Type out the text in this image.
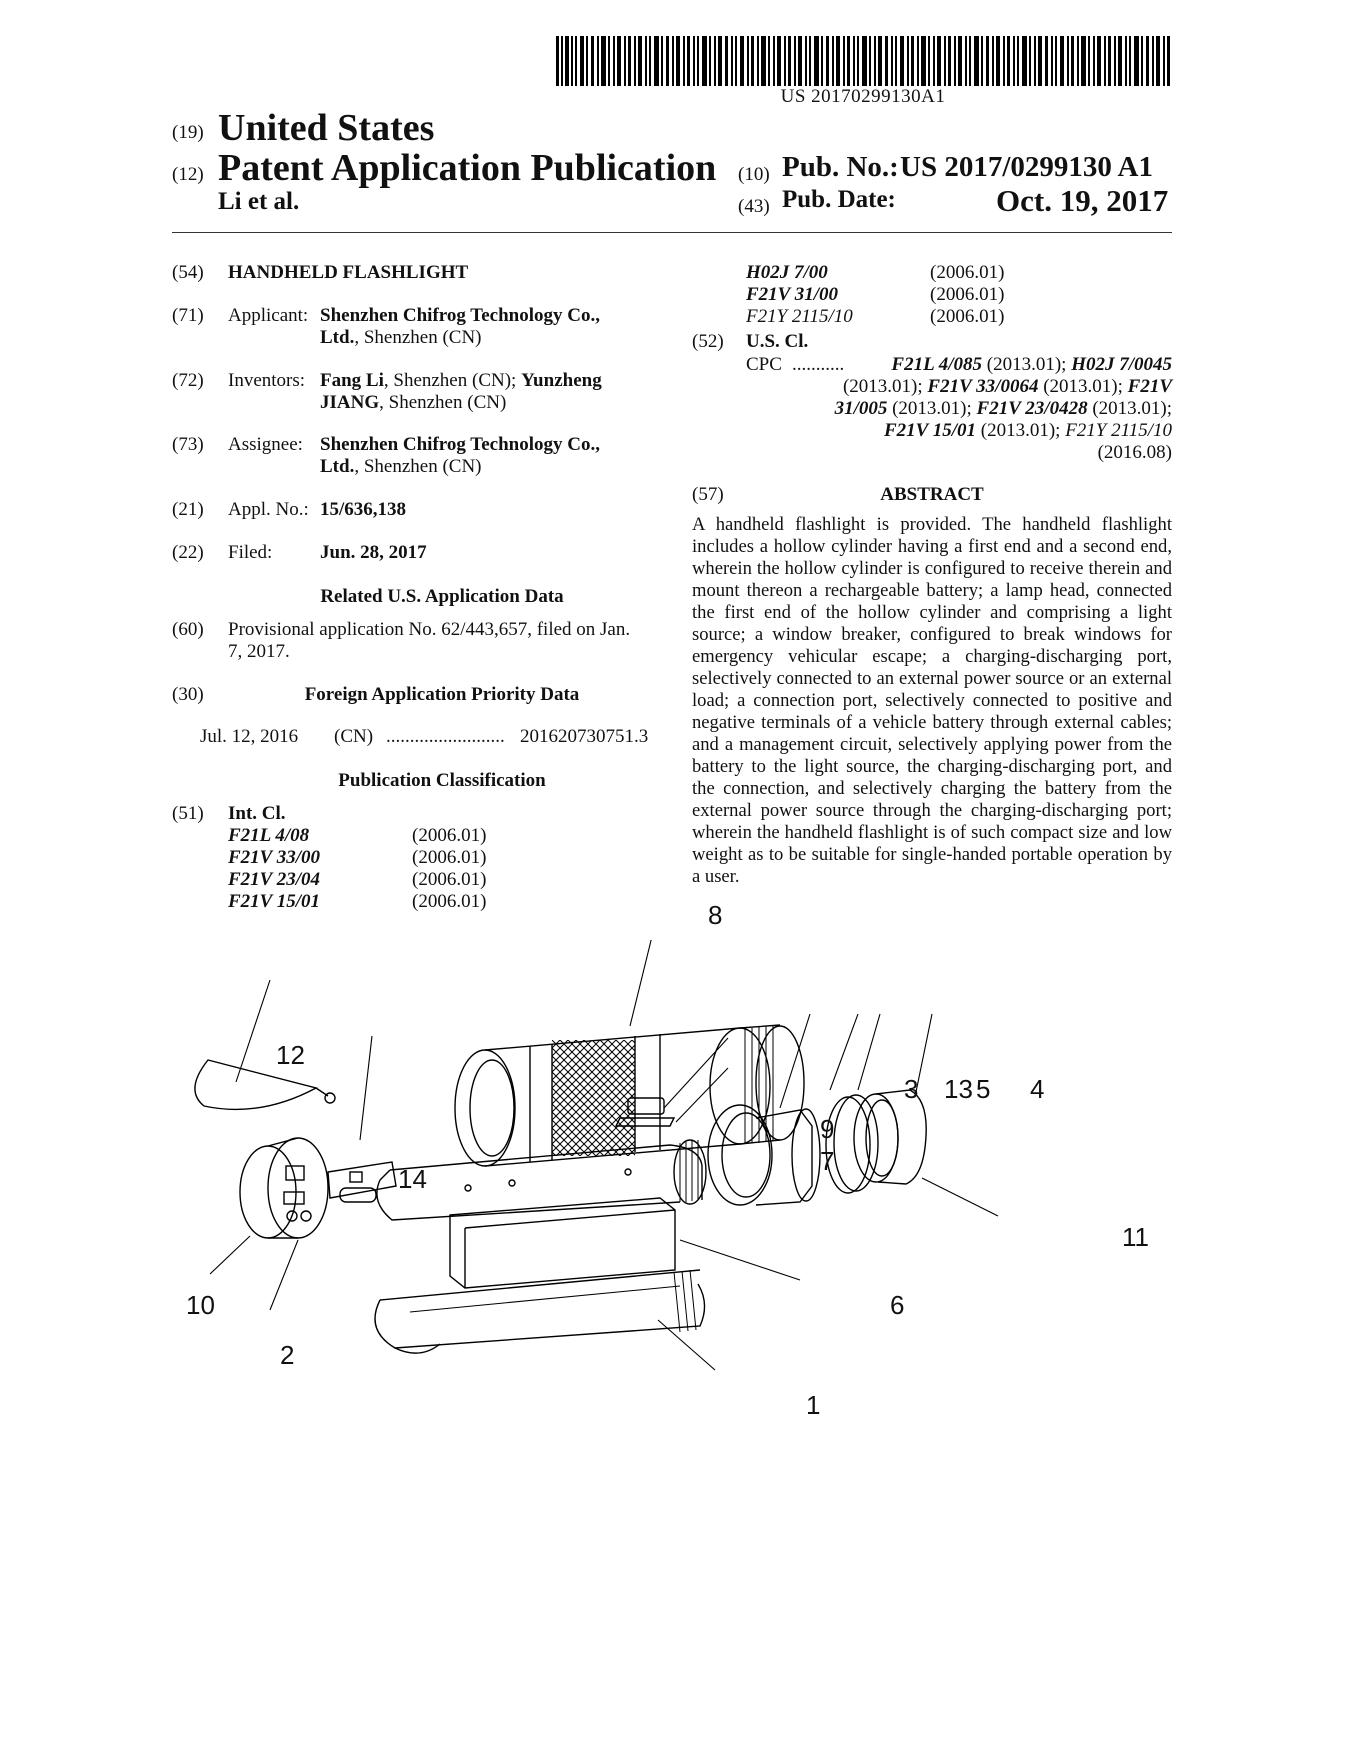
US 20170299130A1
(19) United States
(12) Patent Application Publication
Li et al.
(10) Pub. No.: US 2017/0299130 A1
(43) Pub. Date:	Oct. 19, 2017
(54) HANDHELD FLASHLIGHT
(71) Applicant: Shenzhen Chifrog Technology Co.,
Ltd., Shenzhen (CN)
(72) Inventors: Fang Li, Shenzhen (CN); Yunzheng
JIANG, Shenzhen (CN)
(73) Assignee: Shenzhen Chifrog Technology Co.,
Ltd., Shenzhen (CN)
(21) Appl. No.: 15/636,138
(22) Filed:	Jun. 28, 2017
Related U.S. Application Data
(60) Provisional application No. 62/443,657, filed on Jan.
7, 2017.
(30)	Foreign Application Priority Data
Jul. 12, 2016 (CN) ......................... 201620730751.3
Publication Classification
(51) Int. Cl.
F21L 4/08	(2006.01)
F21V 33/00	(2006.01)
F21V 23/04	(2006.01)
F21V 15/01	(2006.01)
H02J 7/00	(2006.01)
F21V 31/00	(2006.01)
F21Y 2115/10	(2006.01)
(52) U.S. Cl.
CPC ...........	F21L 4/085 (2013.01); H02J 7/0045
(2013.01); F21V 33/0064 (2013.01); F21V
31/005 (2013.01); F21V 23/0428 (2013.01);
F21V 15/01 (2013.01); F21Y 2115/10
(2016.08)
(57)	ABSTRACT
A handheld flashlight is provided. The handheld flashlight includes a hollow cylinder having a first end and a second end, wherein the hollow cylinder is configured to receive therein and mount thereon a rechargeable battery; a lamp head, connected the first end of the hollow cylinder and comprising a light source; a window breaker, configured to break windows for emergency vehicular escape; a charging-discharging port, selectively connected to an external power source or an external load; a connection port, selectively connected to positive and negative terminals of a vehicle battery through external cables; and a management circuit, selectively applying power from the battery to the light source, the charging-discharging port, and the connection, and selectively charging the battery from the external power source through the charging-discharging port; wherein the handheld flashlight is of such compact size and low weight as to be suitable for single-handed portable operation by a user.
8
12
3 13 5 4
9
7
14
11
10	6
2
1
